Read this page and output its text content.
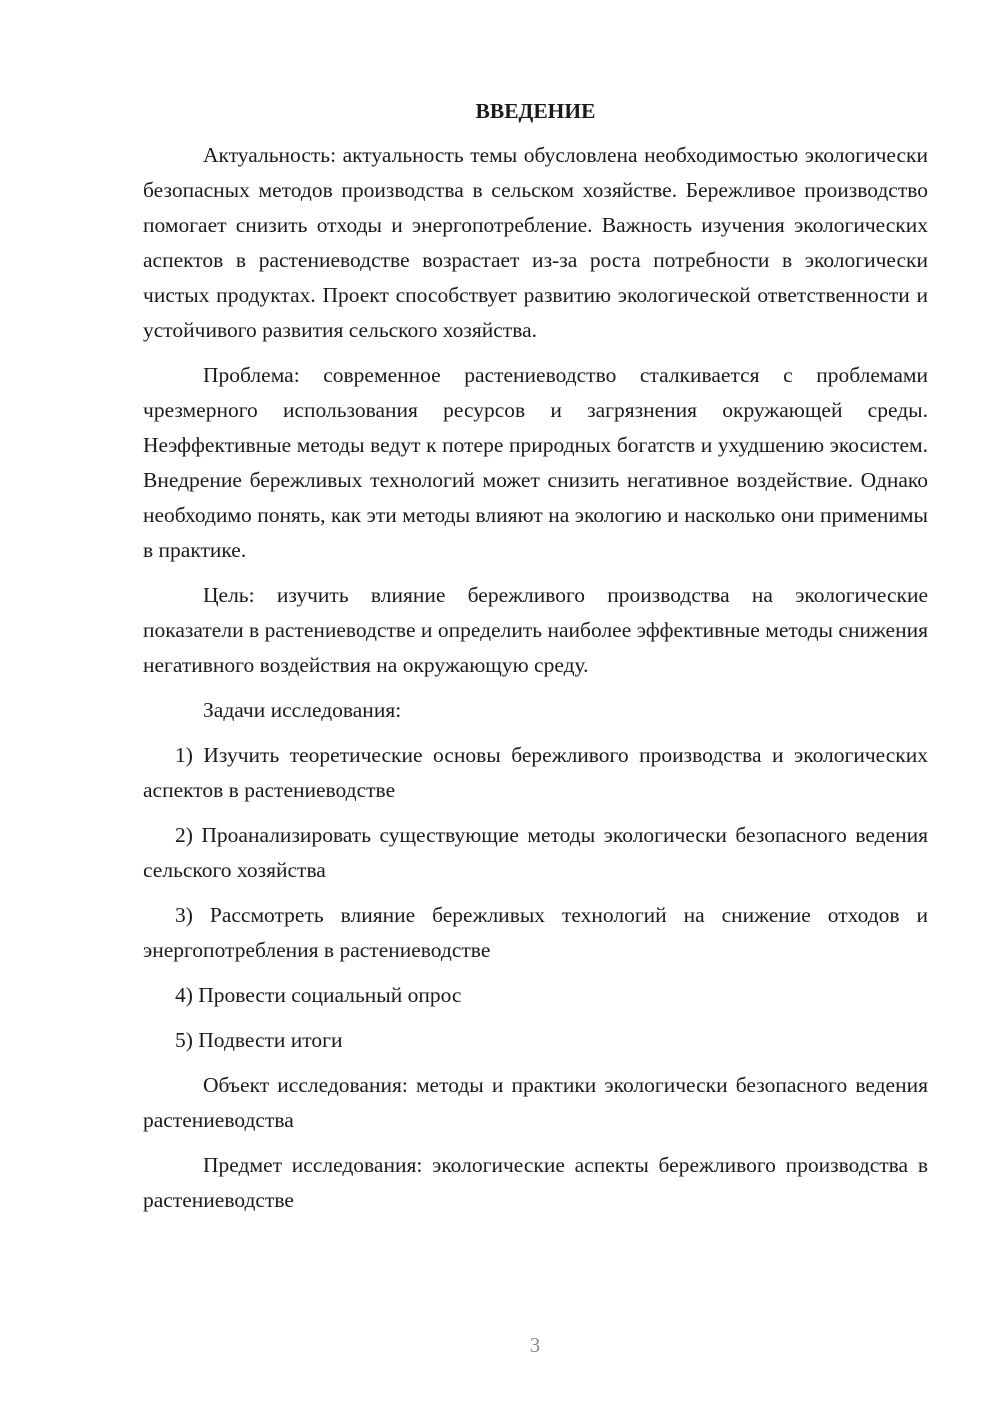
ВВЕДЕНИЕ

Актуальность: актуальность темы обусловлена необходимостью экологически безопасных методов производства в сельском хозяйстве. Бережливое производство помогает снизить отходы и энергопотребление. Важность изучения экологических аспектов в растениеводстве возрастает из-за роста потребности в экологически чистых продуктах. Проект способствует развитию экологической ответственности и устойчивого развития сельского хозяйства.

Проблема: современное растениеводство сталкивается с проблемами чрезмерного использования ресурсов и загрязнения окружающей среды. Неэффективные методы ведут к потере природных богатств и ухудшению экосистем. Внедрение бережливых технологий может снизить негативное воздействие. Однако необходимо понять, как эти методы влияют на экологию и насколько они применимы в практике.

Цель: изучить влияние бережливого производства на экологические показатели в растениеводстве и определить наиболее эффективные методы снижения негативного воздействия на окружающую среду.

Задачи исследования:

1) Изучить теоретические основы бережливого производства и экологических аспектов в растениеводстве

2) Проанализировать существующие методы экологически безопасного ведения сельского хозяйства

3) Рассмотреть влияние бережливых технологий на снижение отходов и энергопотребления в растениеводстве

4) Провести социальный опрос

5) Подвести итоги

Объект исследования: методы и практики экологически безопасного ведения растениеводства

Предмет исследования: экологические аспекты бережливого производства в растениеводстве

3
